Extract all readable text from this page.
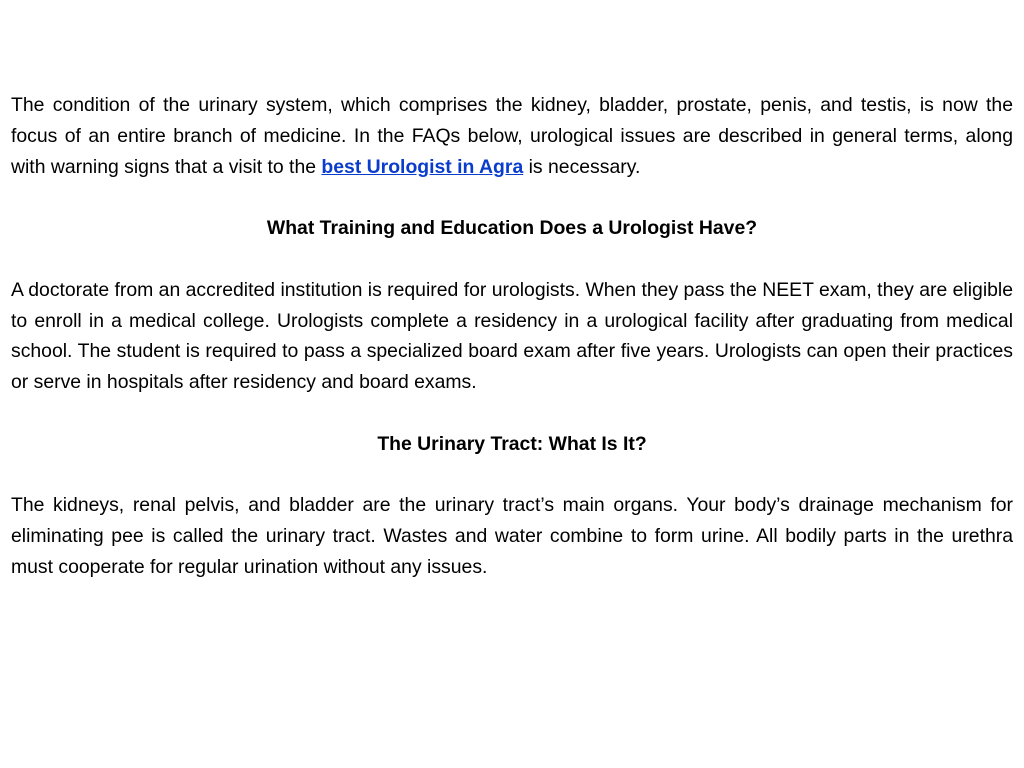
The condition of the urinary system, which comprises the kidney, bladder, prostate, penis, and testis, is now the focus of an entire branch of medicine. In the FAQs below, urological issues are described in general terms, along with warning signs that a visit to the best Urologist in Agra is necessary.

What Training and Education Does a Urologist Have?

A doctorate from an accredited institution is required for urologists. When they pass the NEET exam, they are eligible to enroll in a medical college. Urologists complete a residency in a urological facility after graduating from medical school. The student is required to pass a specialized board exam after five years. Urologists can open their practices or serve in hospitals after residency and board exams.

The Urinary Tract: What Is It?

The kidneys, renal pelvis, and bladder are the urinary tract’s main organs. Your body’s drainage mechanism for eliminating pee is called the urinary tract. Wastes and water combine to form urine. All bodily parts in the urethra must cooperate for regular urination without any issues.
